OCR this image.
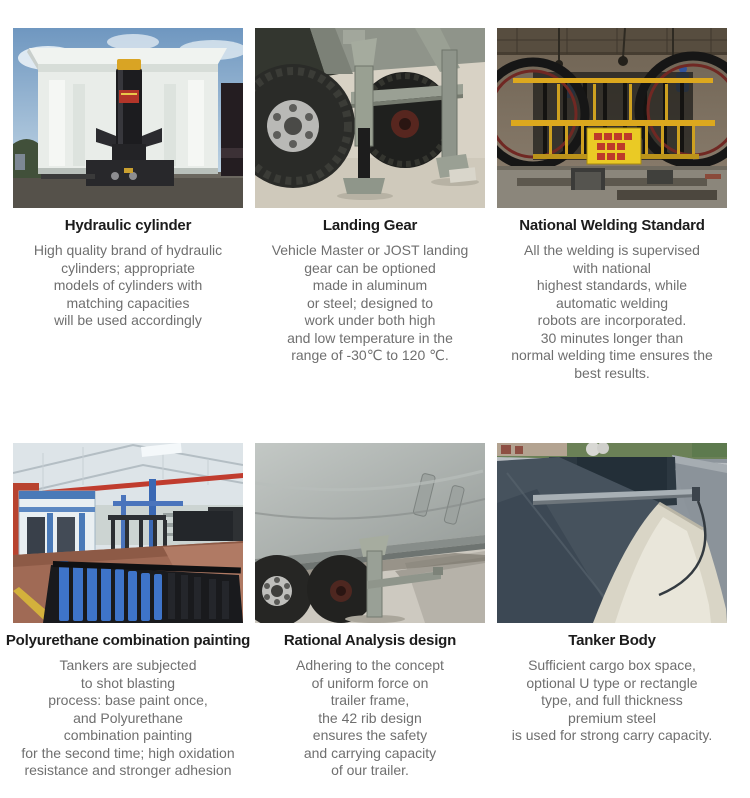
Hydraulic cylinder
High quality brand of hydraulic
cylinders; appropriate
models of cylinders with
matching capacities
will be used accordingly
Landing Gear
Vehicle Master or JOST landing
gear can be optioned
made in aluminum
or steel; designed to
work under both high
and low temperature in the
range of -30℃ to 120 ℃.
National Welding Standard
All the welding is supervised
with national
highest standards, while
automatic welding
robots are incorporated.
30 minutes longer than
normal welding time ensures the
best results.
Polyurethane combination painting
Tankers are subjected
to shot blasting
process: base paint once,
and Polyurethane
combination painting
for the second time; high oxidation
resistance and stronger adhesion
Rational Analysis design
Adhering to the concept
of uniform force on
trailer frame,
the 42 rib design
ensures the safety
and carrying capacity
of our trailer.
Tanker Body
Sufficient cargo box space,
optional U type or rectangle
type, and full thickness
premium steel
is used for strong carry capacity.
